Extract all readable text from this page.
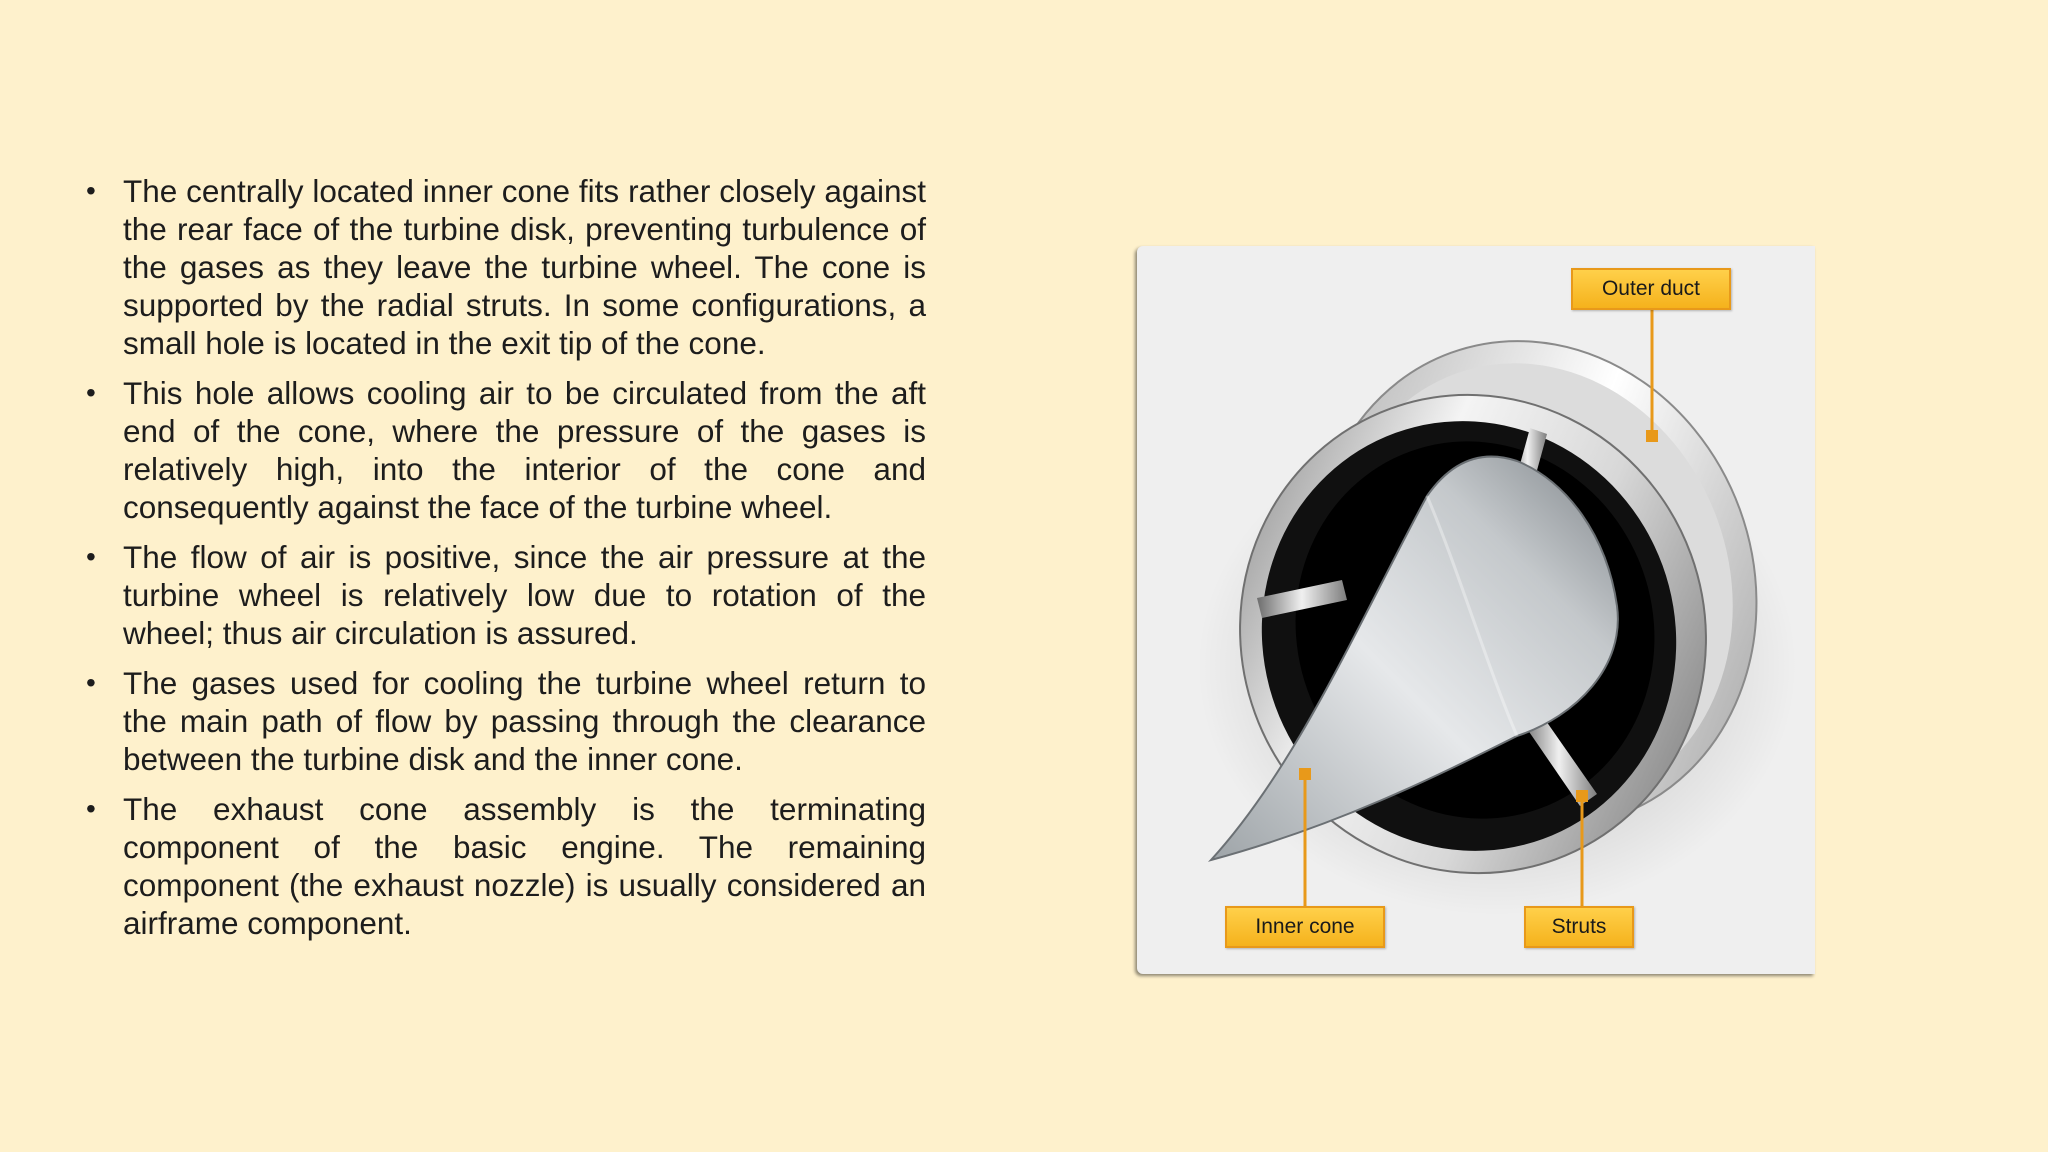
• The centrally located inner cone fits rather closely against the rear face of the turbine disk, preventing turbulence of the gases as they leave the turbine wheel. The cone is supported by the radial struts. In some configurations, a small hole is located in the exit tip of the cone.
• This hole allows cooling air to be circulated from the aft end of the cone, where the pressure of the gases is relatively high, into the interior of the cone and consequently against the face of the turbine wheel.
• The flow of air is positive, since the air pressure at the turbine wheel is relatively low due to rotation of the wheel; thus air circulation is assured.
• The gases used for cooling the turbine wheel return to the main path of flow by passing through the clearance between the turbine disk and the inner cone.
• The exhaust cone assembly is the terminating component of the basic engine. The remaining component (the exhaust nozzle) is usually considered an airframe component.
Outer duct
Inner cone	Struts
